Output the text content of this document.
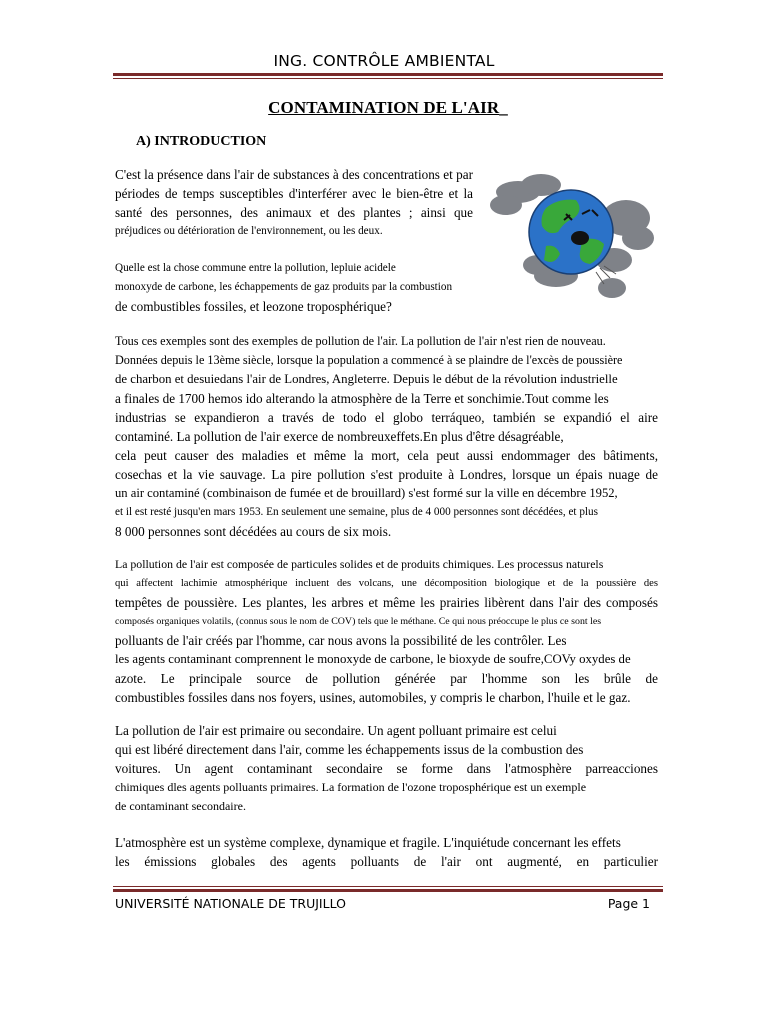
ING. CONTRÔLE AMBIENTAL
CONTAMINATION DE L'AIR_
A) INTRODUCTION
C'est la présence dans l'air de substances à des concentrations et par
périodes de temps susceptibles d'interférer avec le bien-être et la
santé des personnes, des animaux et des plantes ; ainsi que
préjudices ou détérioration de l'environnement, ou les deux.
Quelle est la chose commune entre la pollution, lepluie acidele
monoxyde de carbone, les échappements de gaz produits par la combustion
de combustibles fossiles, et leozone troposphérique?
Tous ces exemples sont des exemples de pollution de l'air. La pollution de l'air n'est rien de nouveau.
Données depuis le 13ème siècle, lorsque la population a commencé à se plaindre de l'excès de poussière
de charbon et desuiedans l'air de Londres, Angleterre. Depuis le début de la révolution industrielle
a finales de 1700 hemos ido alterando la atmosphère de la Terre et sonchimie.Tout comme les
industrias se expandieron a través de todo el globo terráqueo, también se expandió el aire
contaminé. La pollution de l'air exerce de nombreuxeffets.En plus d'être désagréable,
cela peut causer des maladies et même la mort, cela peut aussi endommager des bâtiments,
cosechas et la vie sauvage. La pire pollution s'est produite à Londres, lorsque un épais nuage de
un air contaminé (combinaison de fumée et de brouillard) s'est formé sur la ville en décembre 1952,
et il est resté jusqu'en mars 1953. En seulement une semaine, plus de 4 000 personnes sont décédées, et plus
8 000 personnes sont décédées au cours de six mois.
La pollution de l'air est composée de particules solides et de produits chimiques. Les processus naturels
qui affectent lachimie atmosphérique incluent des volcans, une décomposition biologique et de la poussière des
tempêtes de poussière. Les plantes, les arbres et même les prairies libèrent dans l'air des composés
composés organiques volatils, (connus sous le nom de COV) tels que le méthane. Ce qui nous préoccupe le plus ce sont les
polluants de l'air créés par l'homme, car nous avons la possibilité de les contrôler. Les
les agents contaminant comprennent le monoxyde de carbone, le bioxyde de soufre,COVy oxydes de
azote. Le principale source de pollution générée par l'homme son les brûle de
combustibles fossiles dans nos foyers, usines, automobiles, y compris le charbon, l'huile et le gaz.
La pollution de l'air est primaire ou secondaire. Un agent polluant primaire est celui
qui est libéré directement dans l'air, comme les échappements issus de la combustion des
voitures. Un agent contaminant secondaire se forme dans l'atmosphère parreacciones
chimiques dles agents polluants primaires. La formation de l'ozone troposphérique est un exemple
de contaminant secondaire.
L'atmosphère est un système complexe, dynamique et fragile. L'inquiétude concernant les effets
les émissions globales des agents polluants de l'air ont augmenté, en particulier
UNIVERSITÉ NATIONALE DE TRUJILLO	Page 1
